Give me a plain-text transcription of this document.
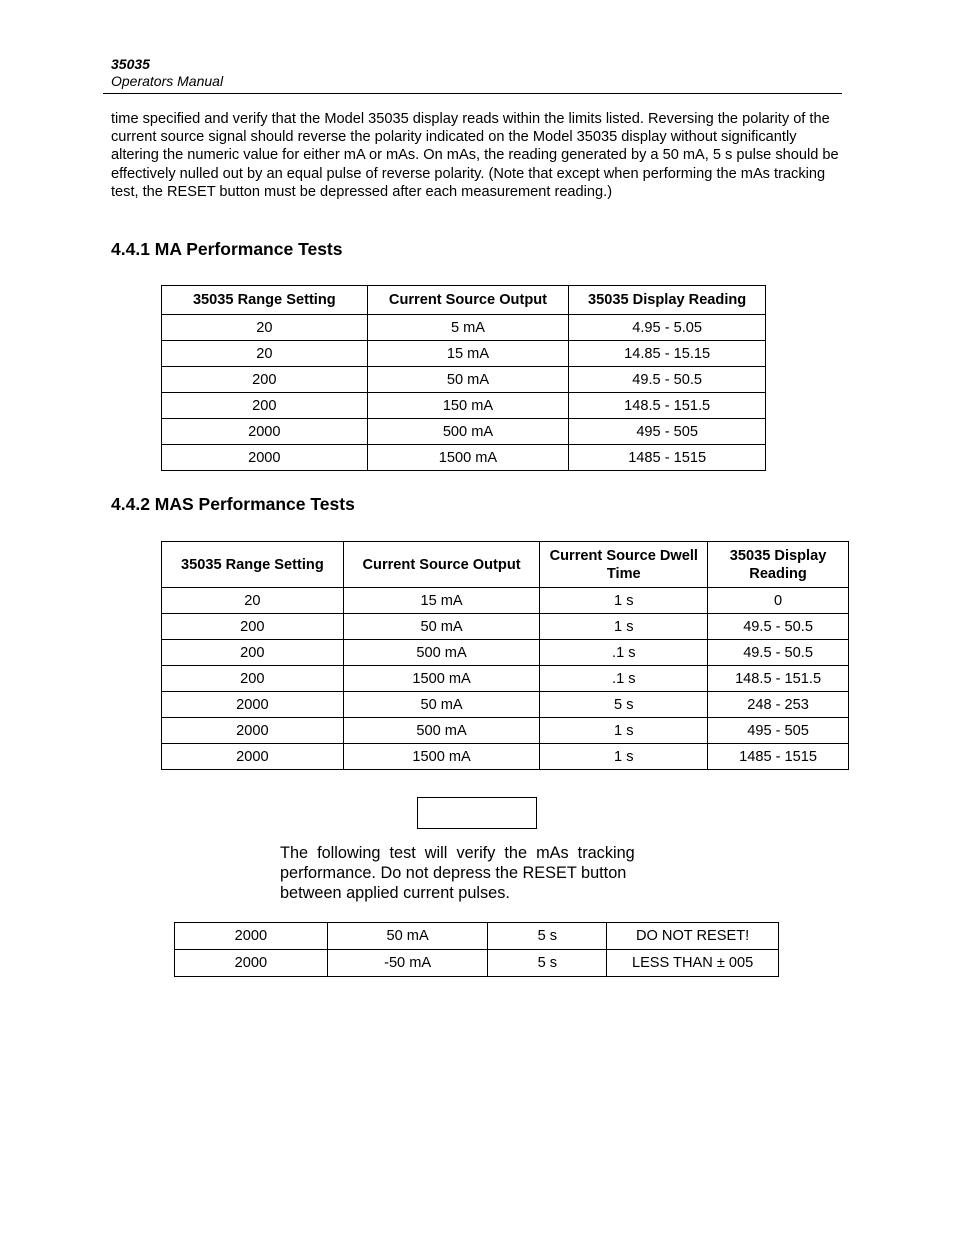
35035
Operators Manual
time specified and verify that the Model 35035 display reads within the limits listed. Reversing the polarity of the current source signal should reverse the polarity indicated on the Model 35035 display without significantly altering the numeric value for either mA or mAs. On mAs, the reading generated by a 50 mA, 5 s pulse should be effectively nulled out by an equal pulse of reverse polarity. (Note that except when performing the mAs tracking test, the RESET button must be depressed after each measurement reading.)
4.4.1 MA Performance Tests
35035 Range Setting	Current Source Output	35035 Display Reading
20	5 mA	4.95 - 5.05
20	15 mA	14.85 - 15.15
200	50 mA	49.5 - 50.5
200	150 mA	148.5 - 151.5
2000	500 mA	495 - 505
2000	1500 mA	1485 - 1515
4.4.2 MAS Performance Tests
35035 Range Setting	Current Source Output	Current Source Dwell Time	35035 Display Reading
20	15 mA	1 s	0
200	50 mA	1 s	49.5 - 50.5
200	500 mA	.1 s	49.5 - 50.5
200	1500 mA	.1 s	148.5 - 151.5
2000	50 mA	5 s	248 - 253
2000	500 mA	1 s	495 - 505
2000	1500 mA	1 s	1485 - 1515
The  following  test  will  verify  the  mAs  tracking
performance. Do not depress the RESET button
between applied current pulses.
2000	50 mA	5 s	DO NOT RESET!
2000	-50 mA	5 s	LESS THAN ± 005
